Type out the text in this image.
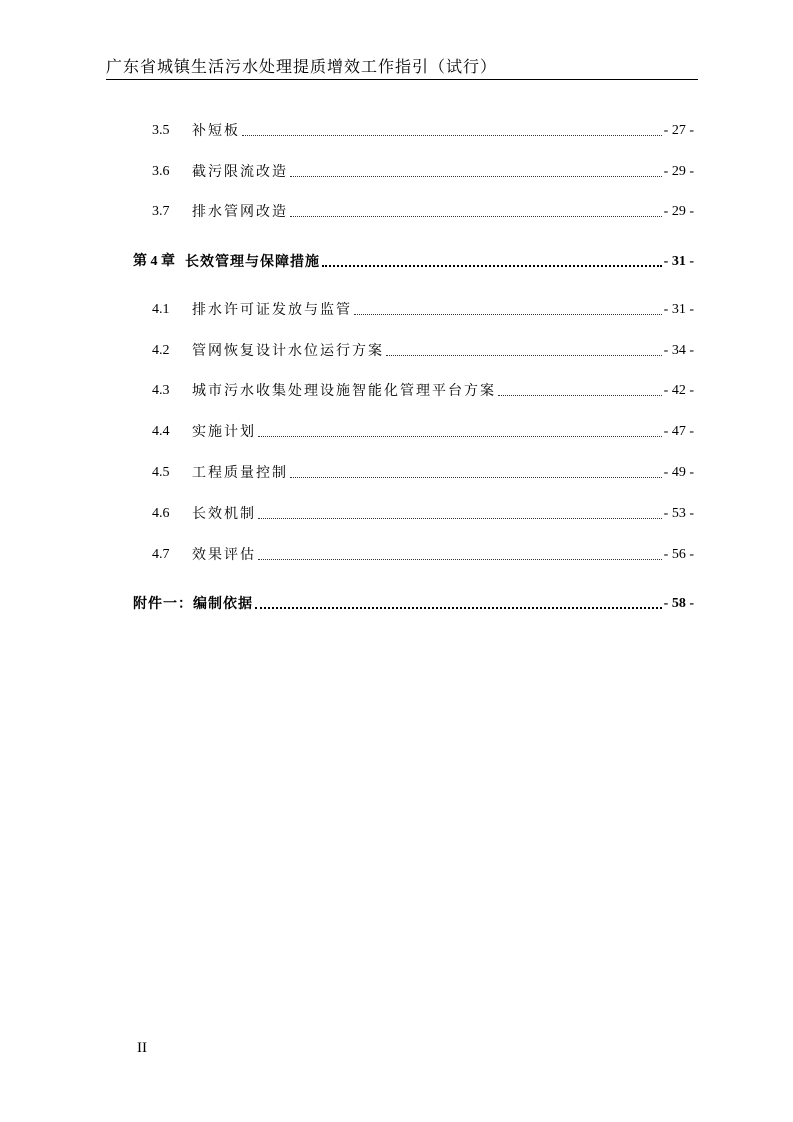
广东省城镇生活污水处理提质增效工作指引（试行）
3.5	补短板	- 27 -
3.6	截污限流改造	- 29 -
3.7	排水管网改造	- 29 -
第 4 章 长效管理与保障措施	- 31 -
4.1	排水许可证发放与监管	- 31 -
4.2	管网恢复设计水位运行方案	- 34 -
4.3	城市污水收集处理设施智能化管理平台方案	- 42 -
4.4	实施计划	- 47 -
4.5	工程质量控制	- 49 -
4.6	长效机制	- 53 -
4.7	效果评估	- 56 -
附件一：编制依据	- 58 -
II
